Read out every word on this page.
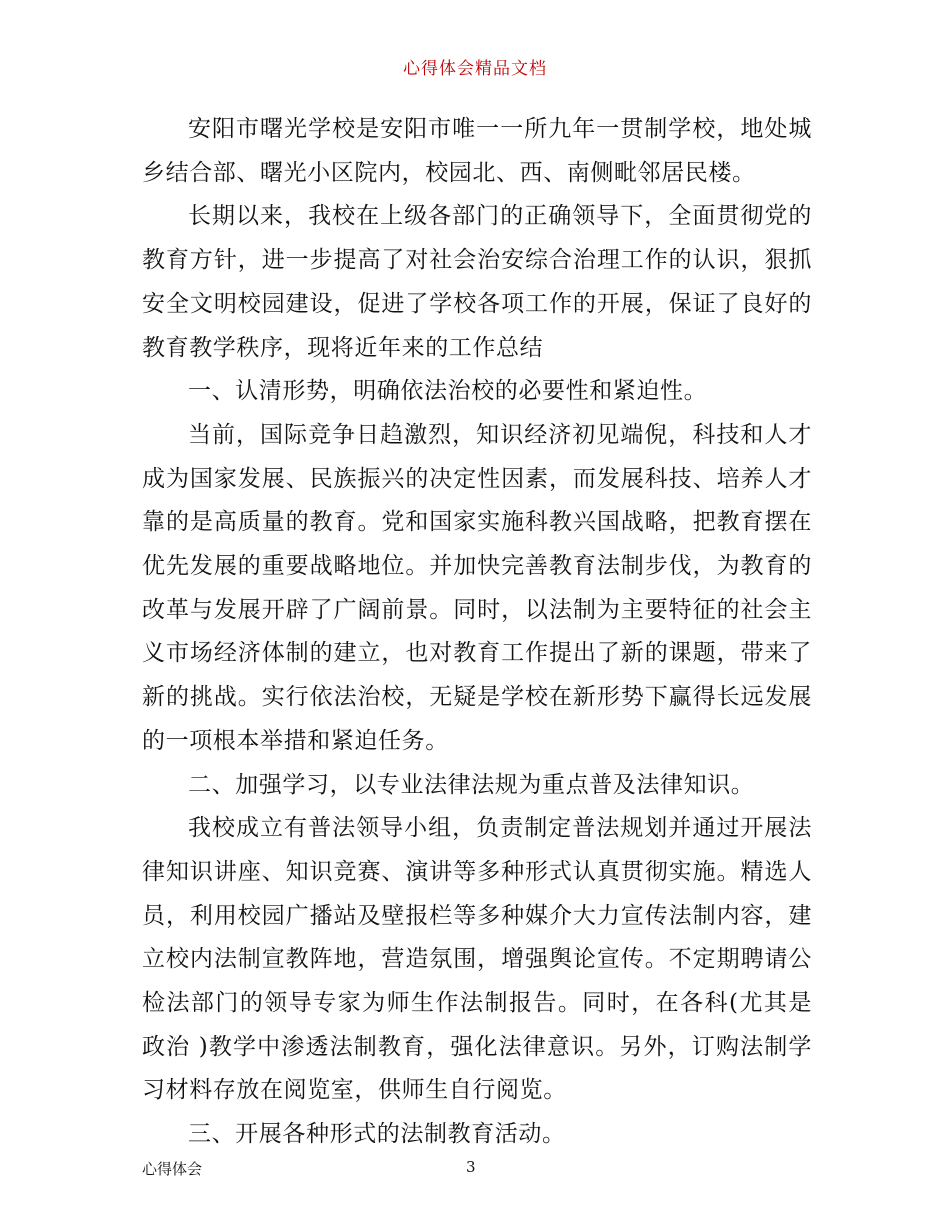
心得体会精品文档

安阳市曙光学校是安阳市唯一一所九年一贯制学校，地处城乡结合部、曙光小区院内，校园北、西、南侧毗邻居民楼。

长期以来，我校在上级各部门的正确领导下，全面贯彻党的教育方针，进一步提高了对社会治安综合治理工作的认识，狠抓安全文明校园建设，促进了学校各项工作的开展，保证了良好的教育教学秩序，现将近年来的工作总结

一、认清形势，明确依法治校的必要性和紧迫性。

当前，国际竞争日趋激烈，知识经济初见端倪，科技和人才成为国家发展、民族振兴的决定性因素，而发展科技、培养人才靠的是高质量的教育。党和国家实施科教兴国战略，把教育摆在优先发展的重要战略地位。并加快完善教育法制步伐，为教育的改革与发展开辟了广阔前景。同时，以法制为主要特征的社会主义市场经济体制的建立，也对教育工作提出了新的课题，带来了新的挑战。实行依法治校，无疑是学校在新形势下赢得长远发展的一项根本举措和紧迫任务。

二、加强学习，以专业法律法规为重点普及法律知识。

我校成立有普法领导小组，负责制定普法规划并通过开展法律知识讲座、知识竞赛、演讲等多种形式认真贯彻实施。精选人员，利用校园广播站及壁报栏等多种媒介大力宣传法制内容，建立校内法制宣教阵地，营造氛围，增强舆论宣传。不定期聘请公检法部门的领导专家为师生作法制报告。同时，在各科(尤其是政治 )教学中渗透法制教育，强化法律意识。另外，订购法制学习材料存放在阅览室，供师生自行阅览。

三、开展各种形式的法制教育活动。

心得体会	3
